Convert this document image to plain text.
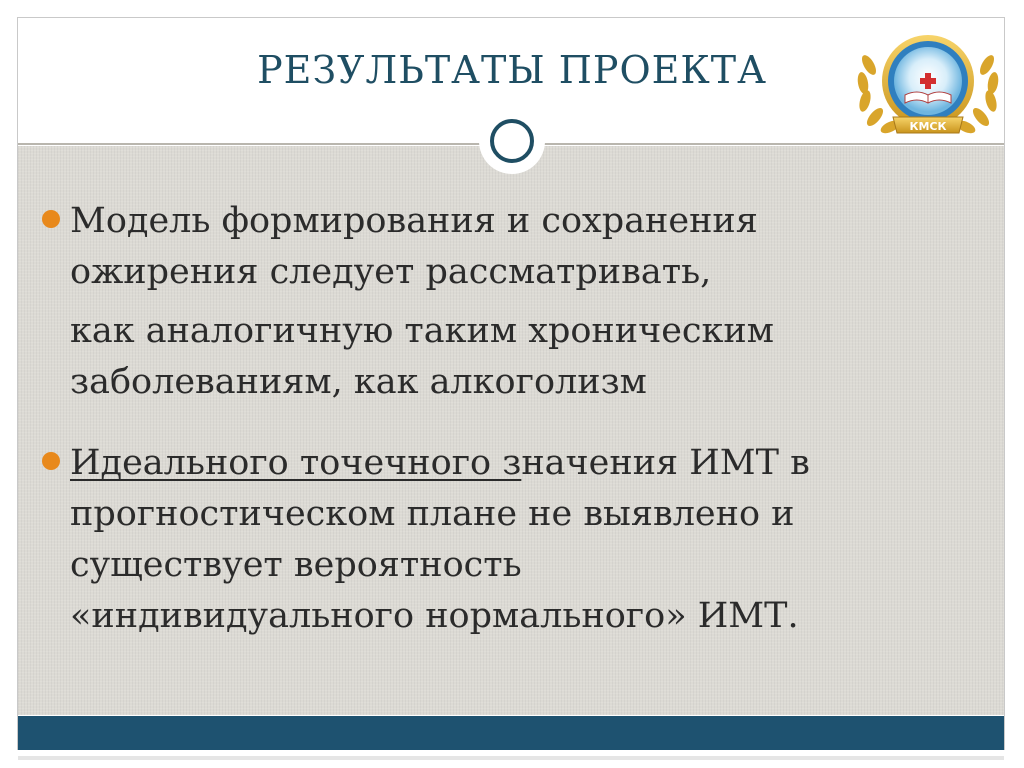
РЕЗУЛЬТАТЫ ПРОЕКТА
КМСК
Модель формирования и сохранения
ожирения следует рассматривать,
как аналогичную таким хроническим
заболеваниям, как алкоголизм
Идеального точечного значения ИМТ в
прогностическом плане не выявлено и
существует вероятность
«индивидуального нормального» ИМТ.
